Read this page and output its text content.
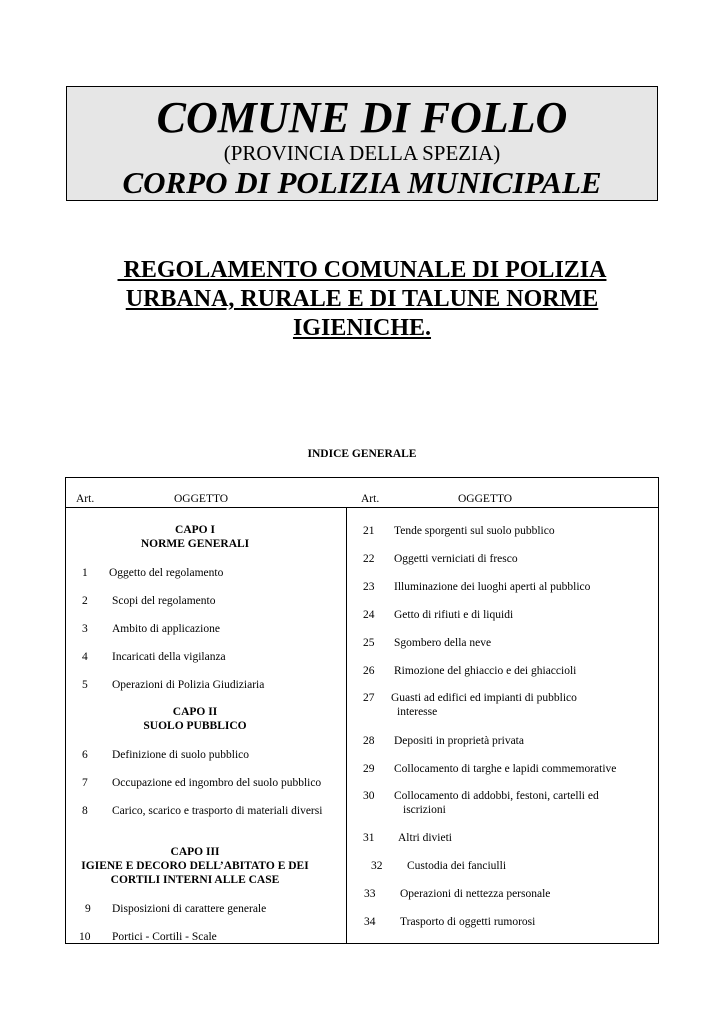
COMUNE DI FOLLO
(PROVINCIA DELLA SPEZIA)
CORPO DI POLIZIA MUNICIPALE
REGOLAMENTO COMUNALE DI POLIZIA
URBANA, RURALE E DI TALUNE NORME
IGIENICHE.
INDICE GENERALE
Art.	OGGETTO	Art.	OGGETTO
CAPO I
NORME GENERALI
1 Oggetto del regolamento
2 Scopi del regolamento
3 Ambito di applicazione
4 Incaricati della vigilanza
5 Operazioni di Polizia Giudiziaria
CAPO II
SUOLO PUBBLICO
6 Definizione di suolo pubblico
7 Occupazione ed ingombro del suolo pubblico
8 Carico, scarico e trasporto di materiali diversi
CAPO III
IGIENE E DECORO DELL’ABITATO E DEI
CORTILI INTERNI ALLE CASE
9 Disposizioni di carattere generale
10 Portici - Cortili - Scale
21 Tende sporgenti sul suolo pubblico
22 Oggetti verniciati di fresco
23 Illuminazione dei luoghi aperti al pubblico
24 Getto di rifiuti e di liquidi
25 Sgombero della neve
26 Rimozione del ghiaccio e dei ghiaccioli
27 Guasti ad edifici ed impianti di pubblico
interesse
28 Depositi in proprietà privata
29 Collocamento di targhe e lapidi commemorative
30 Collocamento di addobbi, festoni, cartelli ed
iscrizioni
31 Altri divieti
32 Custodia dei fanciulli
33 Operazioni di nettezza personale
34 Trasporto di oggetti rumorosi
